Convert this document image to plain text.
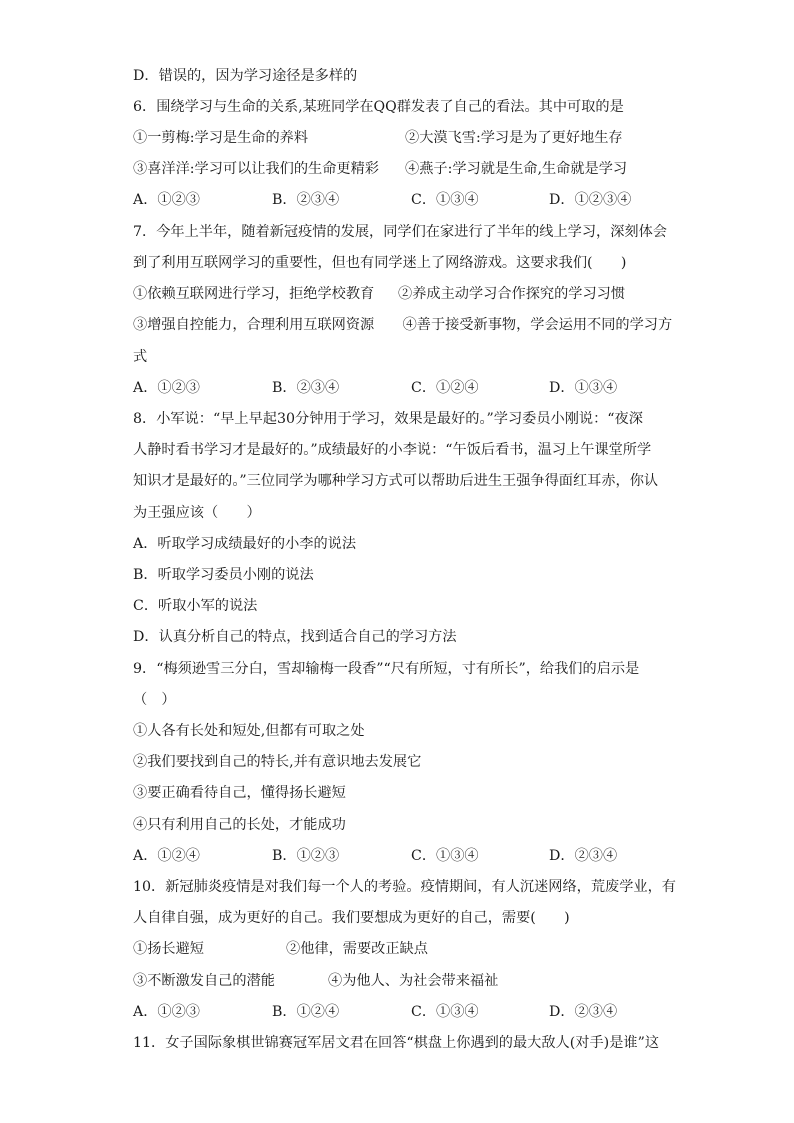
D．错误的，因为学习途径是多样的
6．围绕学习与生命的关系,某班同学在QQ群发表了自己的看法。其中可取的是
①一剪梅:学习是生命的养料	②大漠飞雪:学习是为了更好地生存
③喜洋洋:学习可以让我们的生命更精彩 ④燕子:学习就是生命,生命就是学习
A．①②③	B．②③④	C．①③④	D．①②③④
7．今年上半年，随着新冠疫情的发展，同学们在家进行了半年的线上学习，深刻体会
到了利用互联网学习的重要性，但也有同学迷上了网络游戏。这要求我们(　　)
①依赖互联网进行学习，拒绝学校教育 ②养成主动学习合作探究的学习习惯
③增强自控能力，合理利用互联网资源　　④善于接受新事物，学会运用不同的学习方
式
A．①②③	B．②③④	C．①②④	D．①③④
8．小军说：“早上早起30分钟用于学习，效果是最好的。”学习委员小刚说：“夜深
人静时看书学习才是最好的。”成绩最好的小李说：“午饭后看书，温习上午课堂所学
知识才是最好的。”三位同学为哪种学习方式可以帮助后进生王强争得面红耳赤，你认
为王强应该（　　）
A．听取学习成绩最好的小李的说法
B．听取学习委员小刚的说法
C．听取小军的说法
D．认真分析自己的特点，找到适合自己的学习方法
9．“梅须逊雪三分白，雪却输梅一段香”“尺有所短，寸有所长”，给我们的启示是
（　）
①人各有长处和短处,但都有可取之处
②我们要找到自己的特长,并有意识地去发展它
③要正确看待自己，懂得扬长避短
④只有利用自己的长处，才能成功
A．①②④	B．①②③	C．①③④	D．②③④
10．新冠肺炎疫情是对我们每一个人的考验。疫情期间，有人沉迷网络，荒废学业，有
人自律自强，成为更好的自己。我们要想成为更好的自己，需要(　　)
①扬长避短	②他律，需要改正缺点
③不断激发自己的潜能	④为他人、为社会带来福祉
A．①②③	B．①②④	C．①③④	D．②③④
11．女子国际象棋世锦赛冠军居文君在回答“棋盘上你遇到的最大敌人(对手)是谁”这
